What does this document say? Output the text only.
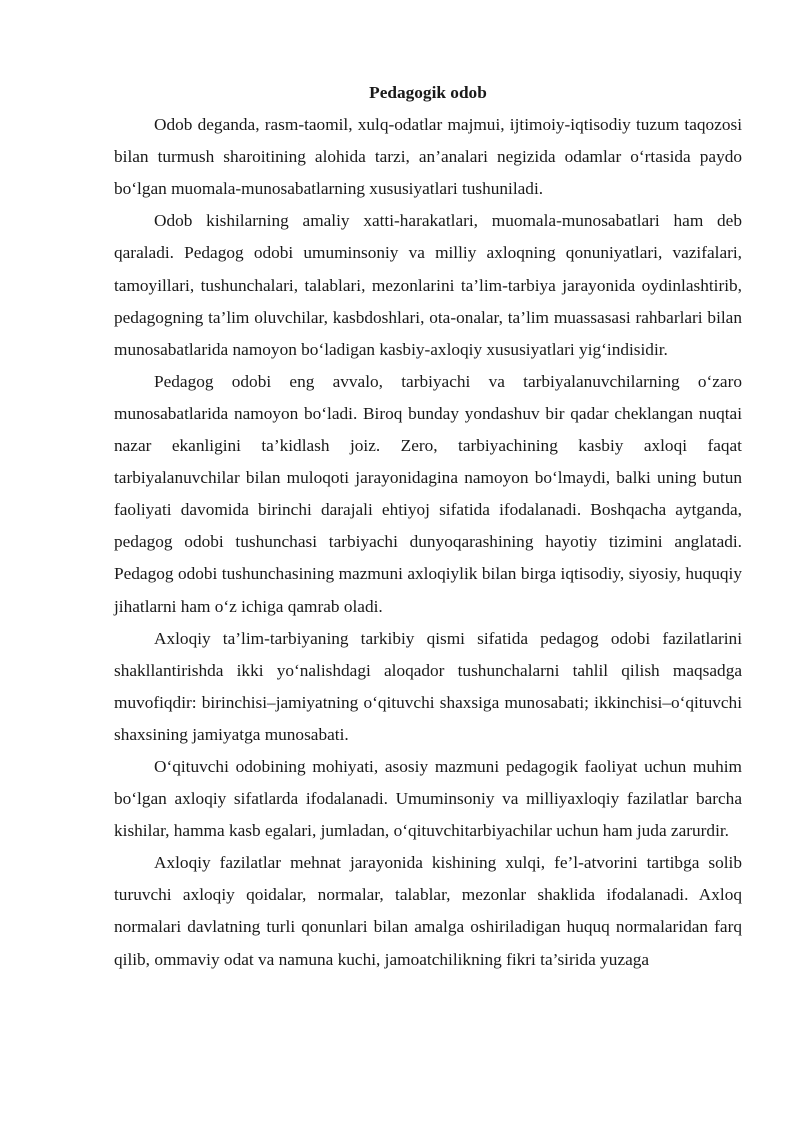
Pedagogik odob

Odob deganda, rasm-taomil, xulq-odatlar majmui, ijtimoiy-iqtisodiy tuzum taqozosi bilan turmush sharoitining alohida tarzi, an’analari negizida odamlar o‘rtasida paydo bo‘lgan muomala-munosabatlarning xususiyatlari tushuniladi.

Odob kishilarning amaliy xatti-harakatlari, muomala-munosabatlari ham deb qaraladi. Pedagog odobi umuminsoniy va milliy axloqning qonuniyatlari, vazifalari, tamoyillari, tushunchalari, talablari, mezonlarini ta’lim-tarbiya jarayonida oydinlashtirib, pedagogning ta’lim oluvchilar, kasbdoshlari, ota-onalar, ta’lim muassasasi rahbarlari bilan munosabatlarida namoyon bo‘ladigan kasbiy-axloqiy xususiyatlari yig‘indisidir.

Pedagog odobi eng avvalo, tarbiyachi va tarbiyalanuvchilarning o‘zaro munosabatlarida namoyon bo‘ladi. Biroq bunday yondashuv bir qadar cheklangan nuqtai nazar ekanligini ta’kidlash joiz. Zero, tarbiyachining kasbiy axloqi faqat tarbiyalanuvchilar bilan muloqoti jarayonidagina namoyon bo‘lmaydi, balki uning butun faoliyati davomida birinchi darajali ehtiyoj sifatida ifodalanadi. Boshqacha aytganda, pedagog odobi tushunchasi tarbiyachi dunyoqarashining hayotiy tizimini anglatadi. Pedagog odobi tushunchasining mazmuni axloqiylik bilan birga iqtisodiy, siyosiy, huquqiy jihatlarni ham o‘z ichiga qamrab oladi.

Axloqiy ta’lim-tarbiyaning tarkibiy qismi sifatida pedagog odobi fazilatlarini shakllantirishda ikki yo‘nalishdagi aloqador tushunchalarni tahlil qilish maqsadga muvofiqdir: birinchisi–jamiyatning o‘qituvchi shaxsiga munosabati; ikkinchisi–o‘qituvchi shaxsining jamiyatga munosabati.

O‘qituvchi odobining mohiyati, asosiy mazmuni pedagogik faoliyat uchun muhim bo‘lgan axloqiy sifatlarda ifodalanadi. Umuminsoniy va milliyaxloqiy fazilatlar barcha kishilar, hamma kasb egalari, jumladan, o‘qituvchitarbiyachilar uchun ham juda zarurdir.

Axloqiy fazilatlar mehnat jarayonida kishining xulqi, fe’l-atvorini tartibga solib turuvchi axloqiy qoidalar, normalar, talablar, mezonlar shaklida ifodalanadi. Axloq normalari davlatning turli qonunlari bilan amalga oshiriladigan huquq normalaridan farq qilib, ommaviy odat va namuna kuchi, jamoatchilikning fikri ta’sirida yuzaga
